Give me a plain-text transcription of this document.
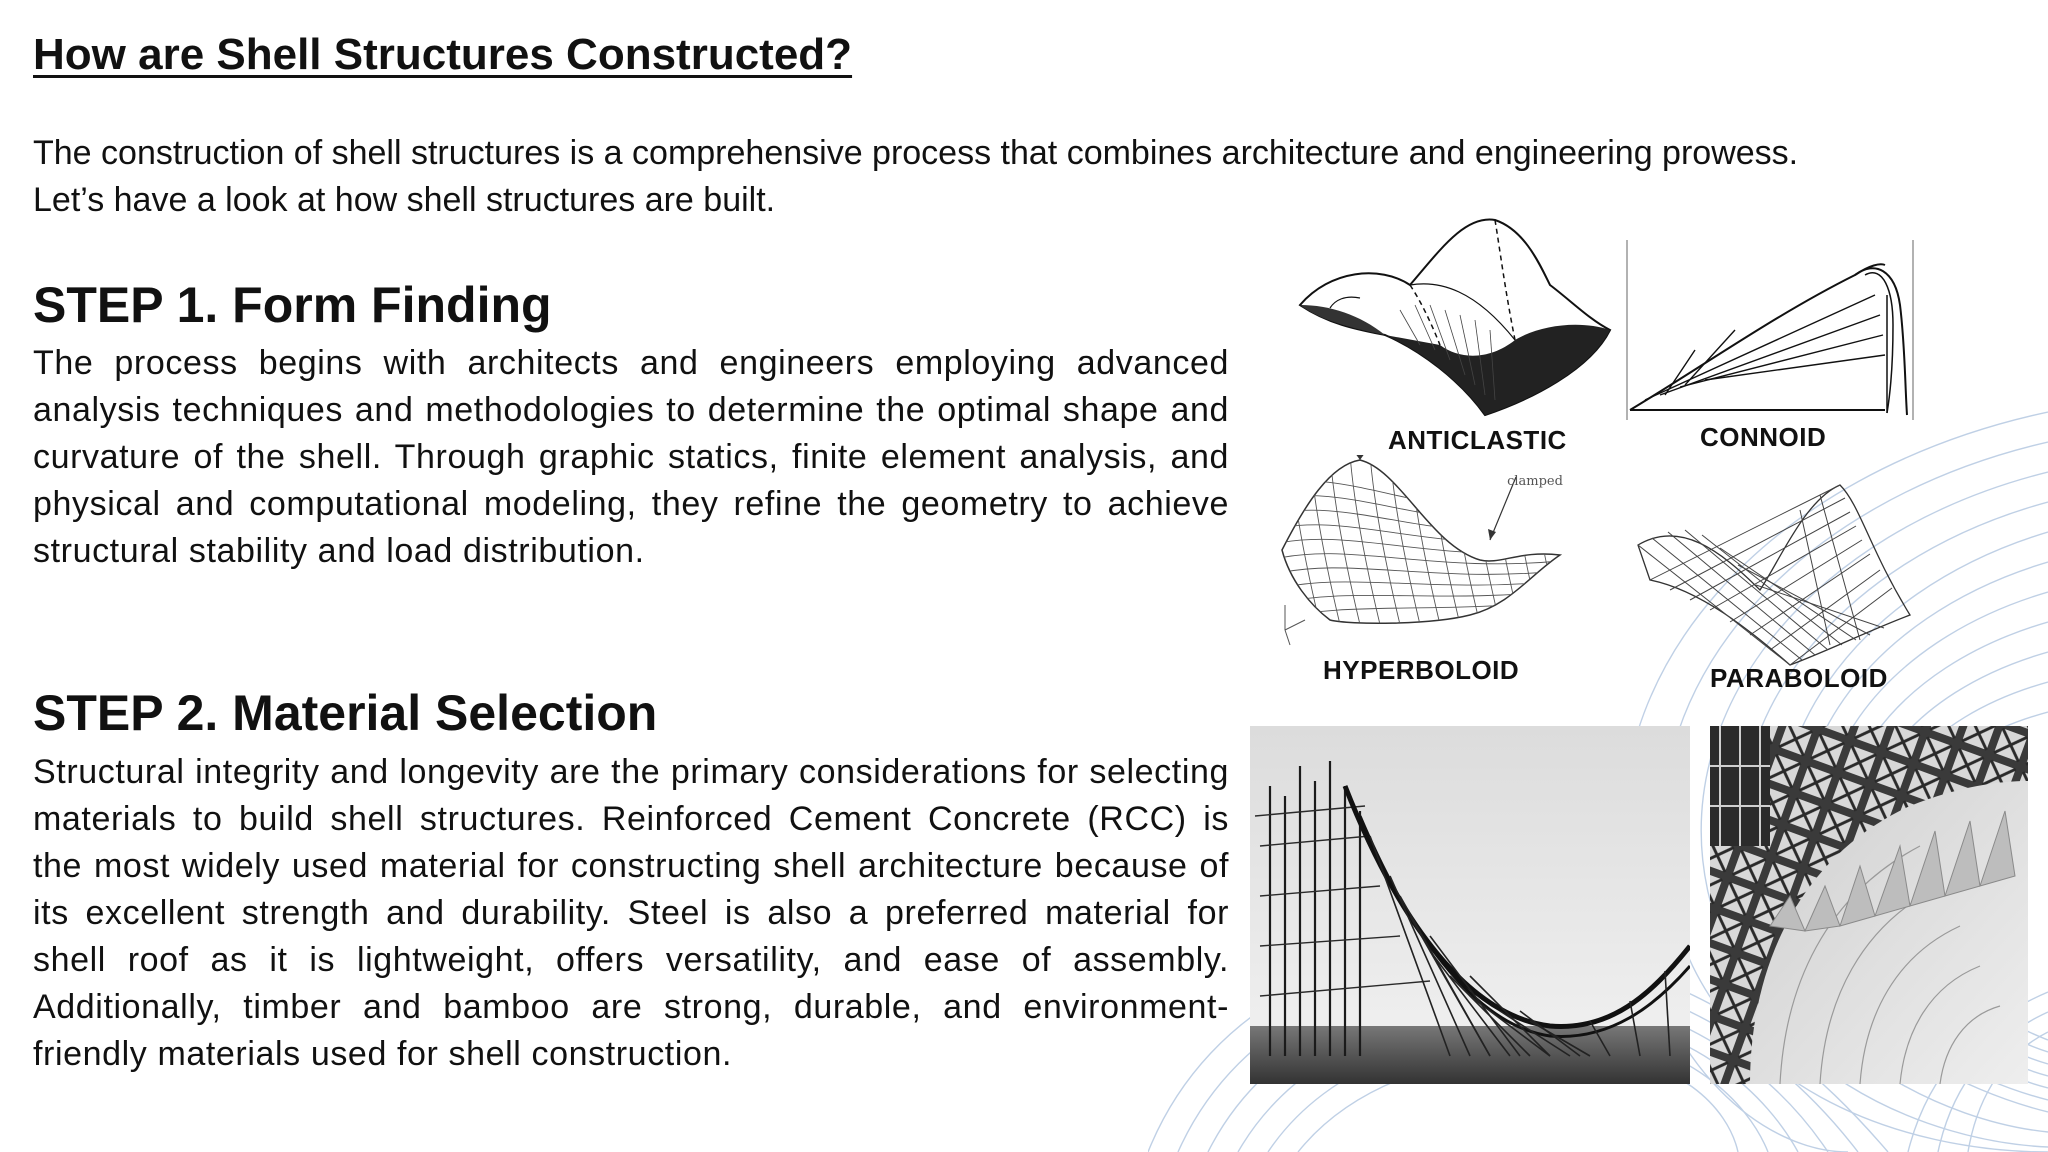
How are Shell Structures Constructed?

The construction of shell structures is a comprehensive process that combines architecture and engineering prowess.
Let’s have a look at how shell structures are built.

STEP 1. Form Finding

The process begins with architects and engineers employing advanced analysis techniques and methodologies to determine the optimal shape and curvature of the shell. Through graphic statics, finite element analysis, and physical and computational modeling, they refine the geometry to achieve structural stability and load distribution.

STEP 2. Material Selection

Structural integrity and longevity are the primary considerations for selecting materials to build shell structures. Reinforced Cement Concrete (RCC) is the most widely used material for constructing shell architecture because of its excellent strength and durability. Steel is also a preferred material for shell roof as it is lightweight, offers versatility, and ease of assembly. Additionally, timber and bamboo are strong, durable, and environment-friendly materials used for shell construction.

ANTICLASTIC	CONNOID
clamped
HYPERBOLOID	PARABOLOID
